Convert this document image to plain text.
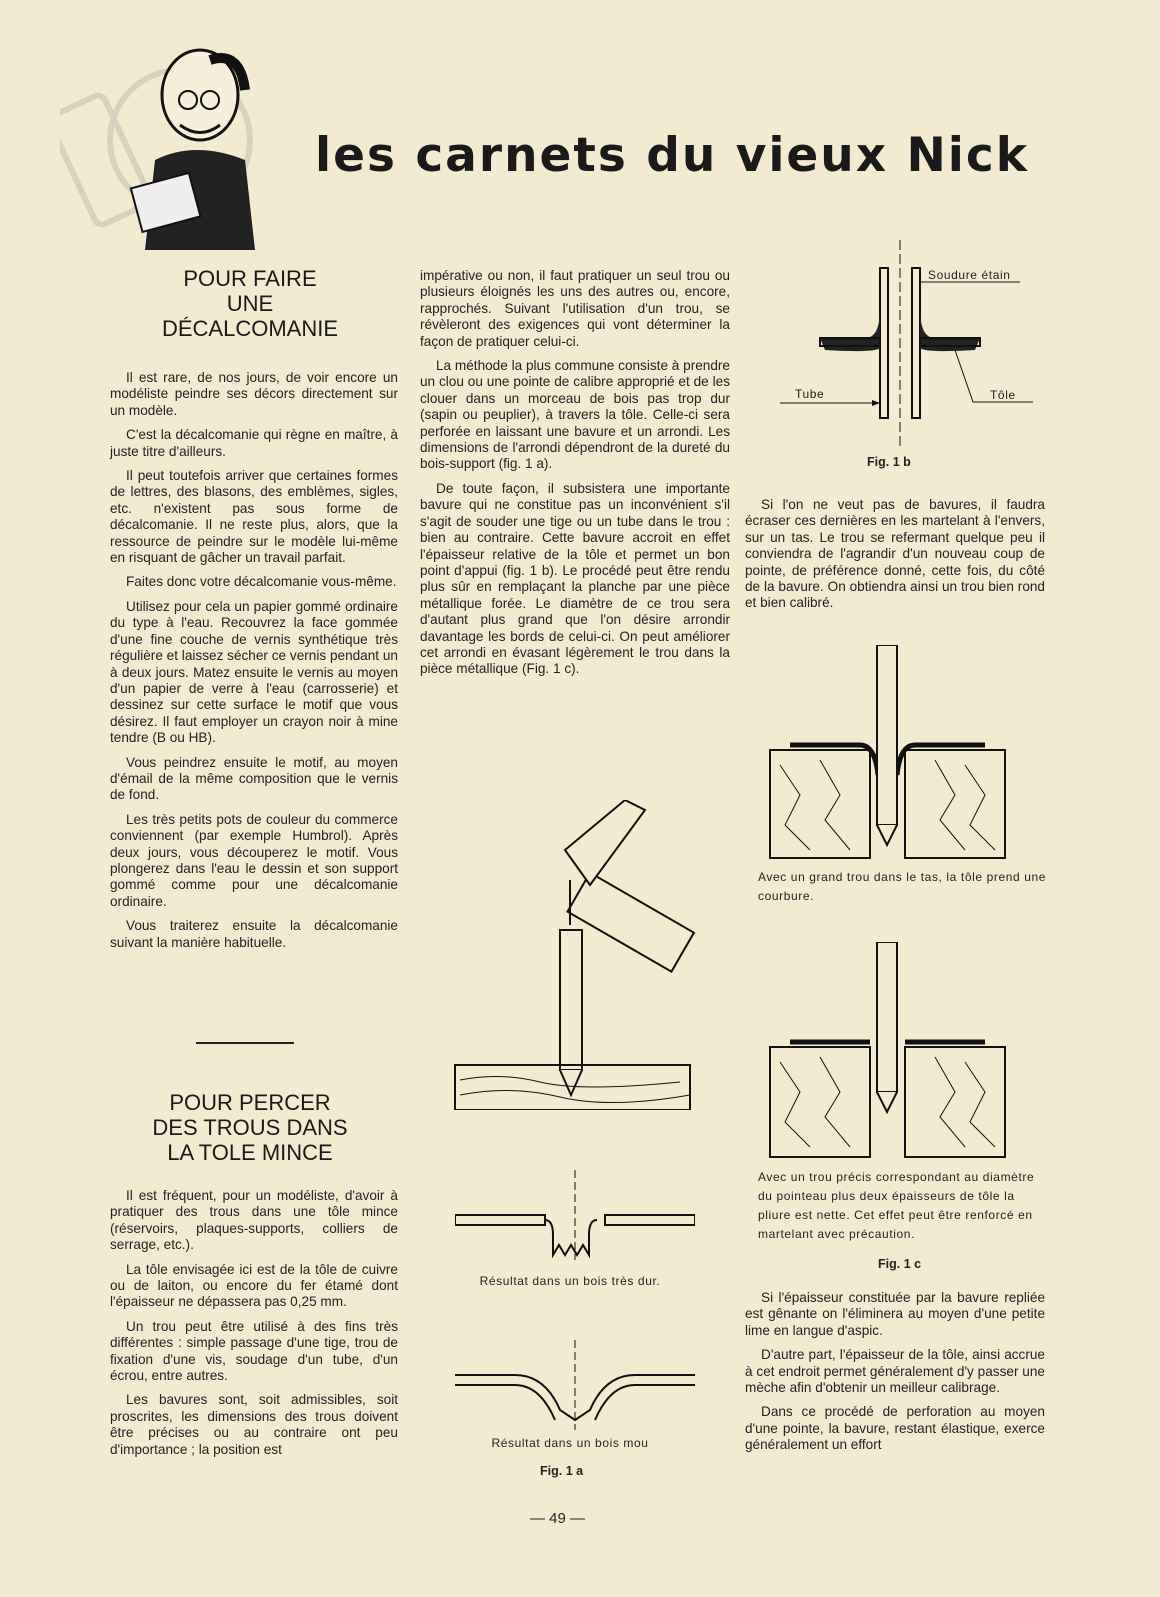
les carnets du vieux Nick
POUR FAIRE
UNE
DÉCALCOMANIE

Il est rare, de nos jours, de voir encore un modéliste peindre ses décors directement sur un modèle.

C'est la décalcomanie qui règne en maître, à juste titre d'ailleurs.

Il peut toutefois arriver que certaines formes de lettres, des blasons, des emblèmes, sigles, etc. n'existent pas sous forme de décalcomanie. Il ne reste plus, alors, que la ressource de peindre sur le modèle lui-même en risquant de gâcher un travail parfait.

Faites donc votre décalcomanie vous-même.

Utilisez pour cela un papier gommé ordinaire du type à l'eau. Recouvrez la face gommée d'une fine couche de vernis synthétique très régulière et laissez sécher ce vernis pendant un à deux jours. Matez ensuite le vernis au moyen d'un papier de verre à l'eau (carrosserie) et dessinez sur cette surface le motif que vous désirez. Il faut employer un crayon noir à mine tendre (B ou HB).

Vous peindrez ensuite le motif, au moyen d'émail de la même composition que le vernis de fond.

Les très petits pots de couleur du commerce conviennent (par exemple Humbrol). Après deux jours, vous découperez le motif. Vous plongerez dans l'eau le dessin et son support gommé comme pour une décalcomanie ordinaire.

Vous traiterez ensuite la décalcomanie suivant la manière habituelle.

POUR PERCER
DES TROUS DANS
LA TOLE MINCE

Il est fréquent, pour un modéliste, d'avoir à pratiquer des trous dans une tôle mince (réservoirs, plaques-supports, colliers de serrage, etc.).

La tôle envisagée ici est de la tôle de cuivre ou de laiton, ou encore du fer étamé dont l'épaisseur ne dépassera pas 0,25 mm.

Un trou peut être utilisé à des fins très différentes : simple passage d'une tige, trou de fixation d'une vis, soudage d'un tube, d'un écrou, entre autres.

Les bavures sont, soit admissibles, soit proscrites, les dimensions des trous doivent être précises ou au contraire ont peu d'importance ; la position est

impérative ou non, il faut pratiquer un seul trou ou plusieurs éloignés les uns des autres ou, encore, rapprochés. Suivant l'utilisation d'un trou, se révèleront des exigences qui vont déterminer la façon de pratiquer celui-ci.

La méthode la plus commune consiste à prendre un clou ou une pointe de calibre approprié et de les clouer dans un morceau de bois pas trop dur (sapin ou peuplier), à travers la tôle. Celle-ci sera perforée en laissant une bavure et un arrondi. Les dimensions de l'arrondi dépendront de la dureté du bois-support (fig. 1 a).

De toute façon, il subsistera une importante bavure qui ne constitue pas un inconvénient s'il s'agit de souder une tige ou un tube dans le trou : bien au contraire. Cette bavure accroit en effet l'épaisseur relative de la tôle et permet un bon point d'appui (fig. 1 b). Le procédé peut être rendu plus sûr en remplaçant la planche par une pièce métallique forée. Le diamètre de ce trou sera d'autant plus grand que l'on désire arrondir davantage les bords de celui-ci. On peut améliorer cet arrondi en évasant légèrement le trou dans la pièce métallique (Fig. 1 c).

Résultat dans un bois très dur.
Résultat dans un bois mou
Fig. 1 a
Soudure étain
Tube	Tôle
Fig. 1 b

Si l'on ne veut pas de bavures, il faudra écraser ces dernières en les martelant à l'envers, sur un tas. Le trou se refermant quelque peu il conviendra de l'agrandir d'un nouveau coup de pointe, de préférence donné, cette fois, du côté de la bavure. On obtiendra ainsi un trou bien rond et bien calibré.

Avec un grand trou dans le tas, la tôle prend une courbure.
Avec un trou précis correspondant au diamètre du pointeau plus deux épaisseurs de tôle la pliure est nette. Cet effet peut être renforcé en martelant avec précaution.
Fig. 1 c

Si l'épaisseur constituée par la bavure repliée est gênante on l'éliminera au moyen d'une petite lime en langue d'aspic.

D'autre part, l'épaisseur de la tôle, ainsi accrue à cet endroit permet généralement d'y passer une mèche afin d'obtenir un meilleur calibrage.

Dans ce procédé de perforation au moyen d'une pointe, la bavure, restant élastique, exerce généralement un effort

— 49 —
